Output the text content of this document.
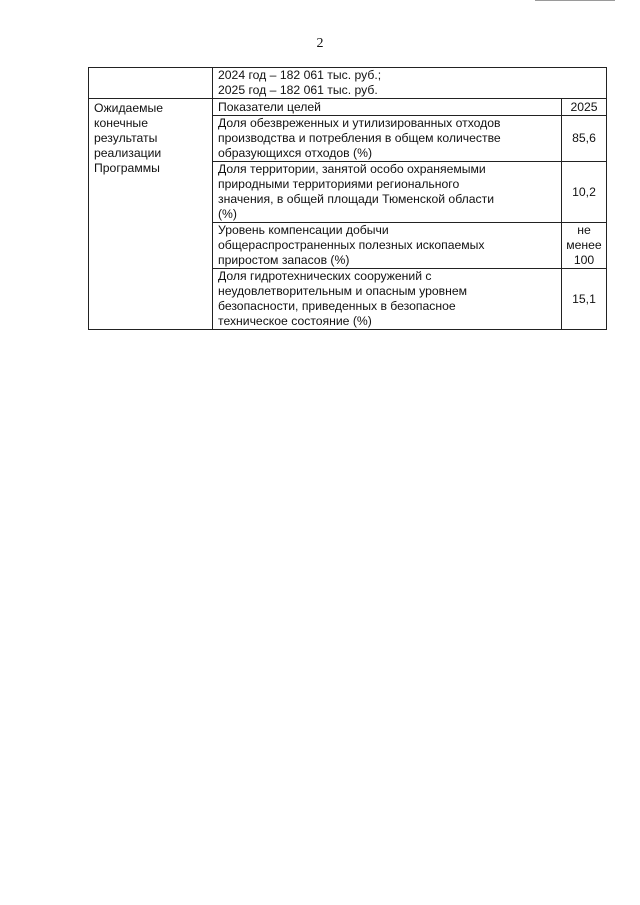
2

	2024 год – 182 061 тыс. руб.;
2025 год – 182 061 тыс. руб.	

Ожидаемые
конечные
результаты
реализации
Программы	Показатели целей	2025

	Доля обезвреженных и утилизированных отходов
производства и потребления в общем количестве
образующихся отходов (%)	85,6

	Доля территории, занятой особо охраняемыми
природными территориями регионального
значения, в общей площади Тюменской области
(%)	10,2

	Уровень компенсации добычи
общераспространенных полезных ископаемых
приростом запасов (%)	не
менее
100

	Доля гидротехнических сооружений с
неудовлетворительным и опасным уровнем
безопасности, приведенных в безопасное
техническое состояние (%)	15,1
